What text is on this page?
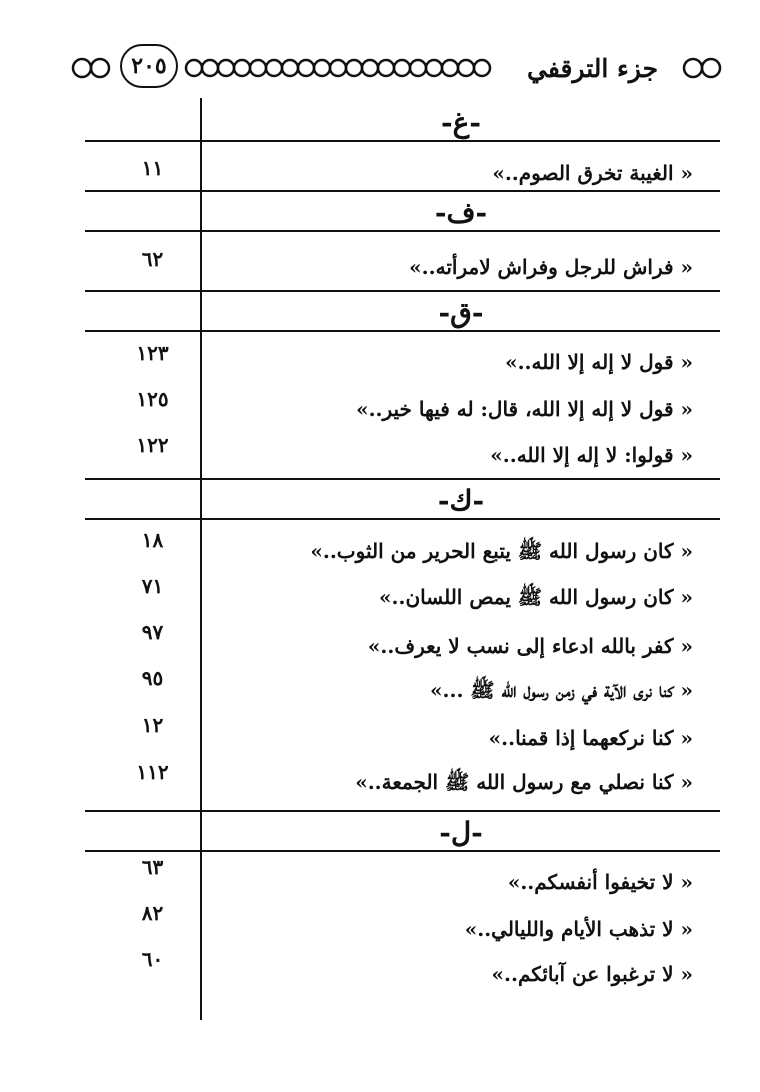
٢٠٥	جزء الترقفي
-غ-
« الغيبة تخرق الصوم..»
١١
-ف-
« فراش للرجل وفراش لامرأته..»
٦٢
-ق-
« قول لا إله إلا الله..»
١٢٣
« قول لا إله إلا الله، قال: له فيها خير..»
١٢٥
« قولوا: لا إله إلا الله..»
١٢٢
-ك-
« كان رسول الله ﷺ يتبع الحرير من الثوب..»
١٨
« كان رسول الله ﷺ يمص اللسان..»
٧١
« كفر بالله ادعاء إلى نسب لا يعرف..»
٩٧
« كنا نرى الآية في زمن رسول الله ﷺ ...»
٩٥
« كنا نركعهما إذا قمنا..»
١٢
« كنا نصلي مع رسول الله ﷺ الجمعة..»
١١٢
-ل-
« لا تخيفوا أنفسكم..»
٦٣
« لا تذهب الأيام والليالي..»
٨٢
« لا ترغبوا عن آبائكم..»
٦٠
